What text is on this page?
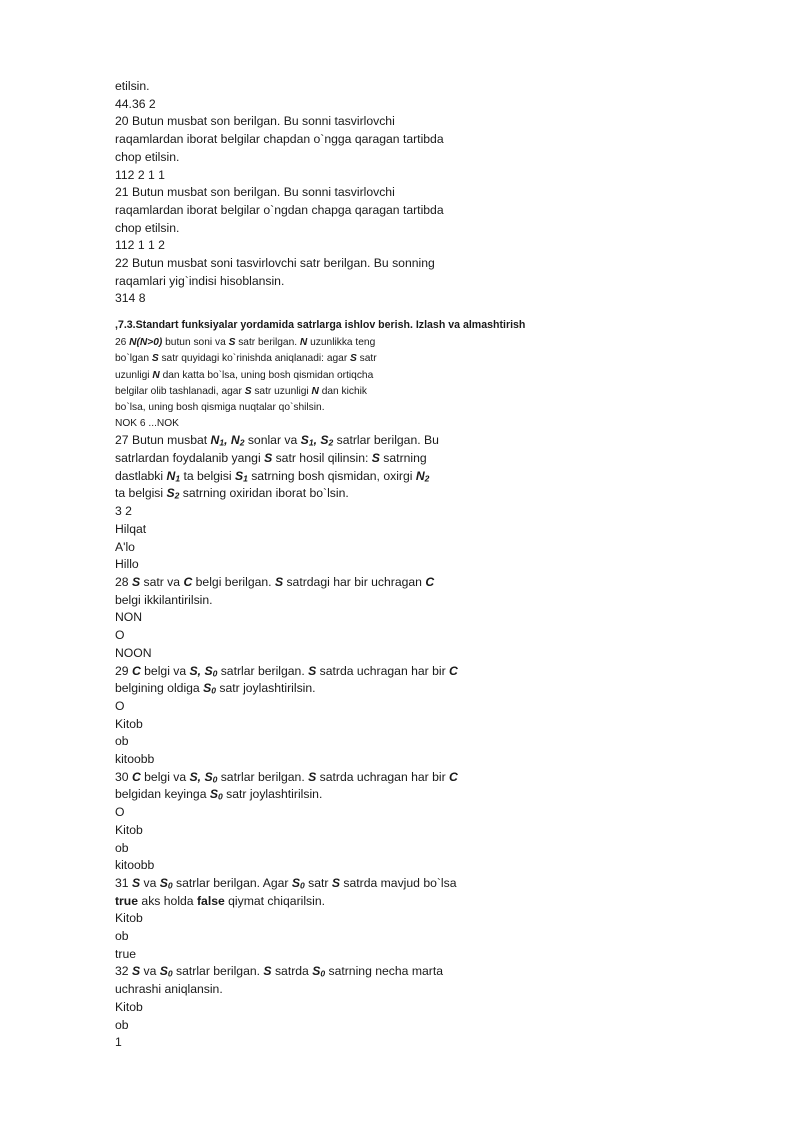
etilsin.

44.36 2

20 Butun musbat son berilgan. Bu sonni tasvirlovchi

raqamlardan iborat belgilar chapdan o`ngga qaragan tartibda

chop etilsin.

112 2 1 1

21 Butun musbat son berilgan. Bu sonni tasvirlovchi

raqamlardan iborat belgilar o`ngdan chapga qaragan tartibda

chop etilsin.

112 1 1 2

22 Butun musbat soni tasvirlovchi satr berilgan. Bu sonning

raqamlari yig`indisi hisoblansin.

314 8

,7.3.Standart funksiyalar yordamida satrlarga ishlov berish. Izlash va almashtirish

26 N(N>0) butun soni va S satr berilgan. N uzunlikka teng

bo`lgan S satr quyidagi ko`rinishda aniqlanadi: agar S satr

uzunligi N dan katta bo`lsa, uning bosh qismidan ortiqcha

belgilar olib tashlanadi, agar S satr uzunligi N dan kichik

bo`lsa, uning bosh qismiga nuqtalar qo`shilsin.

NOK 6 ...NOK

27 Butun musbat $N_1$, $N_2$ sonlar va $S_1$, $S_2$ satrlar berilgan. Bu

satrlardan foydalanib yangi S satr hosil qilinsin: S satrning

dastlabki $N_1$ ta belgisi $S_1$ satrning bosh qismidan, oxirgi $N_2$

ta belgisi $S_2$ satrning oxiridan iborat bo`lsin.

3 2

Hilqat

A'lo

Hillo

28 S satr va C belgi berilgan. S satrdagi har bir uchragan C

belgi ikkilantirilsin.

NON

O

NOON

29 C belgi va S, $S_0$ satrlar berilgan. S satrda uchragan har bir C

belgining oldiga $S_0$ satr joylashtirilsin.

O

Kitob

ob

kitoobb

30 C belgi va S, $S_0$ satrlar berilgan. S satrda uchragan har bir C

belgidan keyinga $S_0$ satr joylashtirilsin.

O

Kitob

ob

kitoobb

31 S va $S_0$ satrlar berilgan. Agar $S_0$ satr S satrda mavjud bo`lsa

true aks holda false qiymat chiqarilsin.

Kitob

ob

true

32 S va $S_0$ satrlar berilgan. S satrda $S_0$ satrning necha marta

uchrashi aniqlansin.

Kitob

ob

1
